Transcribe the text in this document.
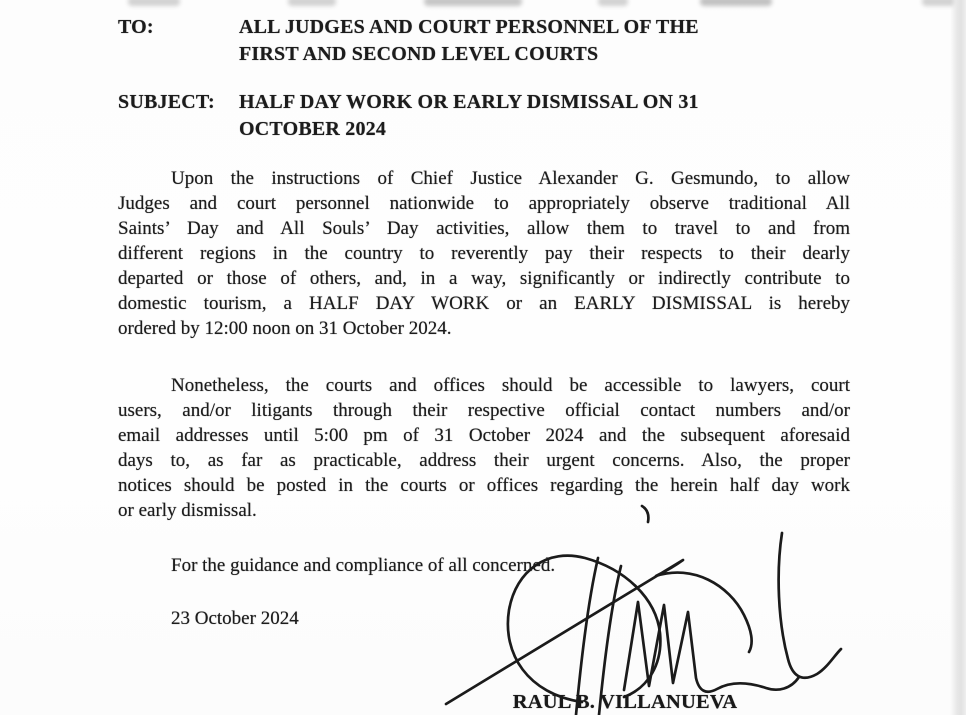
TO:	ALL JUDGES AND COURT PERSONNEL OF THE
FIRST AND SECOND LEVEL COURTS
SUBJECT:	HALF DAY WORK OR EARLY DISMISSAL ON 31
OCTOBER 2024
Upon the instructions of Chief Justice Alexander G. Gesmundo, to allow
Judges and court personnel nationwide to appropriately observe traditional All
Saints’ Day and All Souls’ Day activities, allow them to travel to and from
different regions in the country to reverently pay their respects to their dearly
departed or those of others, and, in a way, significantly or indirectly contribute to
domestic tourism, a HALF DAY WORK or an EARLY DISMISSAL is hereby
ordered by 12:00 noon on 31 October 2024.
Nonetheless, the courts and offices should be accessible to lawyers, court
users, and/or litigants through their respective official contact numbers and/or
email addresses until 5:00 pm of 31 October 2024 and the subsequent aforesaid
days to, as far as practicable, address their urgent concerns. Also, the proper
notices should be posted in the courts or offices regarding the herein half day work
or early dismissal.
For the guidance and compliance of all concerned.
23 October 2024
RAUL B. VILLANUEVA
